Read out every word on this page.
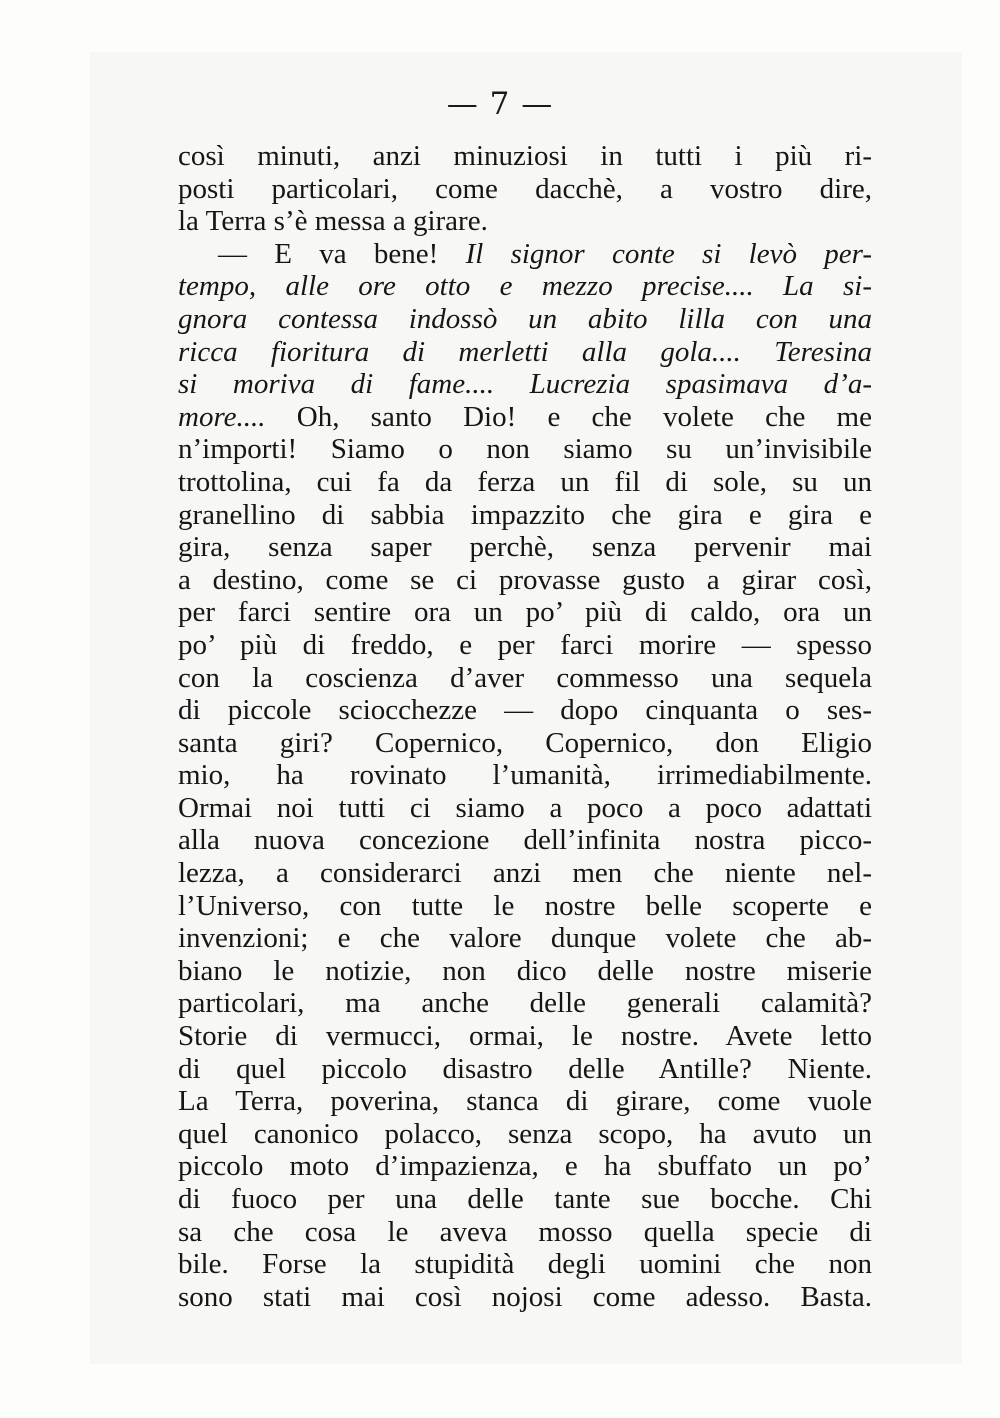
— 7 —
così minuti, anzi minuziosi in tutti i più ri-
posti particolari, come dacchè, a vostro dire,
la Terra s’è messa a girare.
— E va bene! Il signor conte si levò per-
tempo, alle ore otto e mezzo precise.... La si-
gnora contessa indossò un abito lilla con una
ricca fioritura di merletti alla gola.... Teresina
si moriva di fame.... Lucrezia spasimava d’a-
more.... Oh, santo Dio! e che volete che me
n’importi! Siamo o non siamo su un’invisibile
trottolina, cui fa da ferza un fil di sole, su un
granellino di sabbia impazzito che gira e gira e
gira, senza saper perchè, senza pervenir mai
a destino, come se ci provasse gusto a girar così,
per farci sentire ora un po’ più di caldo, ora un
po’ più di freddo, e per farci morire — spesso
con la coscienza d’aver commesso una sequela
di piccole sciocchezze — dopo cinquanta o ses-
santa giri? Copernico, Copernico, don Eligio
mio, ha rovinato l’umanità, irrimediabilmente.
Ormai noi tutti ci siamo a poco a poco adattati
alla nuova concezione dell’infinita nostra picco-
lezza, a considerarci anzi men che niente nel-
l’Universo, con tutte le nostre belle scoperte e
invenzioni; e che valore dunque volete che ab-
biano le notizie, non dico delle nostre miserie
particolari, ma anche delle generali calamità?
Storie di vermucci, ormai, le nostre. Avete letto
di quel piccolo disastro delle Antille? Niente.
La Terra, poverina, stanca di girare, come vuole
quel canonico polacco, senza scopo, ha avuto un
piccolo moto d’impazienza, e ha sbuffato un po’
di fuoco per una delle tante sue bocche. Chi
sa che cosa le aveva mosso quella specie di
bile. Forse la stupidità degli uomini che non
sono stati mai così nojosi come adesso. Basta.
